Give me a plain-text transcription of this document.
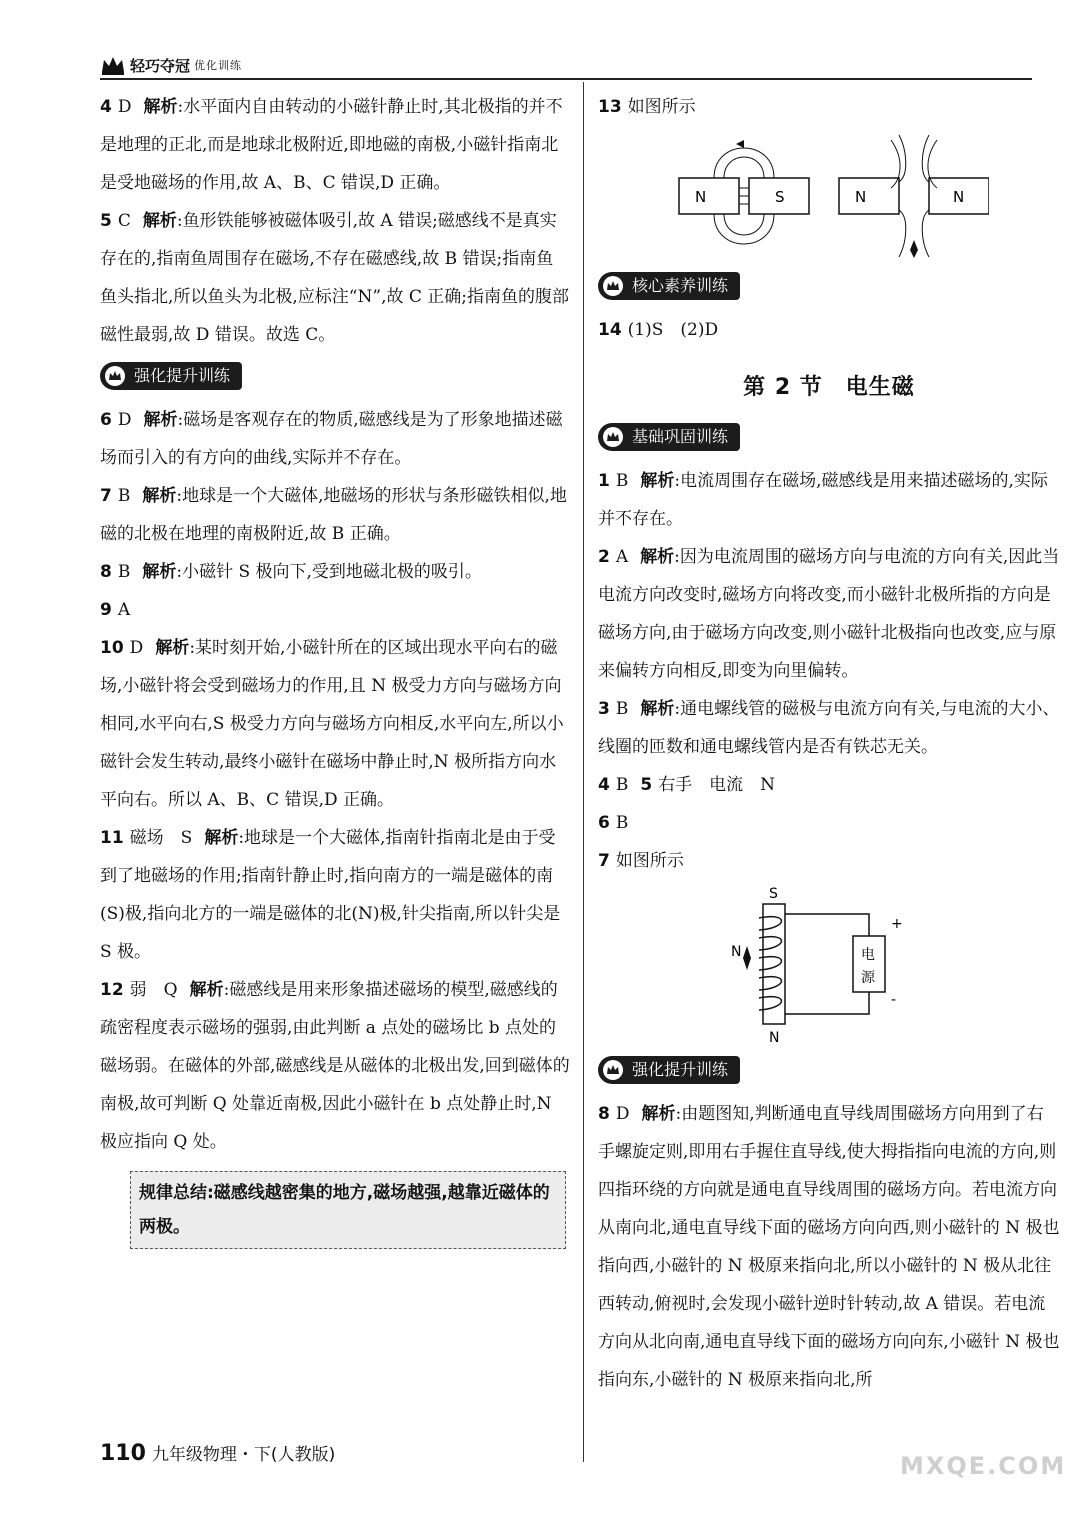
轻巧夺冠 优化训练

4 D 解析:水平面内自由转动的小磁针静止时,其北极指的并不是地理的正北,而是地球北极附近,即地磁的南极,小磁针指南北是受地磁场的作用,故 A、B、C 错误,D 正确。

5 C 解析:鱼形铁能够被磁体吸引,故 A 错误;磁感线不是真实存在的,指南鱼周围存在磁场,不存在磁感线,故 B 错误;指南鱼鱼头指北,所以鱼头为北极,应标注“N”,故 C 正确;指南鱼的腹部磁性最弱,故 D 错误。故选 C。

强化提升训练

6 D 解析:磁场是客观存在的物质,磁感线是为了形象地描述磁场而引入的有方向的曲线,实际并不存在。

7 B 解析:地球是一个大磁体,地磁场的形状与条形磁铁相似,地磁的北极在地理的南极附近,故 B 正确。

8 B 解析:小磁针 S 极向下,受到地磁北极的吸引。

9 A

10 D 解析:某时刻开始,小磁针所在的区域出现水平向右的磁场,小磁针将会受到磁场力的作用,且 N 极受力方向与磁场方向相同,水平向右,S 极受力方向与磁场方向相反,水平向左,所以小磁针会发生转动,最终小磁针在磁场中静止时,N 极所指方向水平向右。所以 A、B、C 错误,D 正确。

11 磁场　S 解析:地球是一个大磁体,指南针指南北是由于受到了地磁场的作用;指南针静止时,指向南方的一端是磁体的南(S)极,指向北方的一端是磁体的北(N)极,针尖指南,所以针尖是 S 极。

12 弱　Q 解析:磁感线是用来形象描述磁场的模型,磁感线的疏密程度表示磁场的强弱,由此判断 a 点处的磁场比 b 点处的磁场弱。在磁体的外部,磁感线是从磁体的北极出发,回到磁体的南极,故可判断 Q 处靠近南极,因此小磁针在 b 点处静止时,N 极应指向 Q 处。

规律总结:磁感线越密集的地方,磁场越强,越靠近磁体的两极。

13 如图所示

N	S	N	N
核心素养训练

14 (1)S　(2)D

第 2 节　电生磁
基础巩固训练

1 B 解析:电流周围存在磁场,磁感线是用来描述磁场的,实际并不存在。

2 A 解析:因为电流周围的磁场方向与电流的方向有关,因此当电流方向改变时,磁场方向将改变,而小磁针北极所指的方向是磁场方向,由于磁场方向改变,则小磁针北极指向也改变,应与原来偏转方向相反,即变为向里偏转。

3 B 解析:通电螺线管的磁极与电流方向有关,与电流的大小、线圈的匝数和通电螺线管内是否有铁芯无关。

4 B 5 右手　电流　N

6 B

7 如图所示

S
N
N	电
源
+
-
强化提升训练

8 D 解析:由题图知,判断通电直导线周围磁场方向用到了右手螺旋定则,即用右手握住直导线,使大拇指指向电流的方向,则四指环绕的方向就是通电直导线周围的磁场方向。若电流方向从南向北,通电直导线下面的磁场方向向西,则小磁针的 N 极也指向西,小磁针的 N 极原来指向北,所以小磁针的 N 极从北往西转动,俯视时,会发现小磁针逆时针转动,故 A 错误。若电流方向从北向南,通电直导线下面的磁场方向向东,小磁针 N 极也指向东,小磁针的 N 极原来指向北,所

110 九年级物理・下(人教版)	MXQE.COM
